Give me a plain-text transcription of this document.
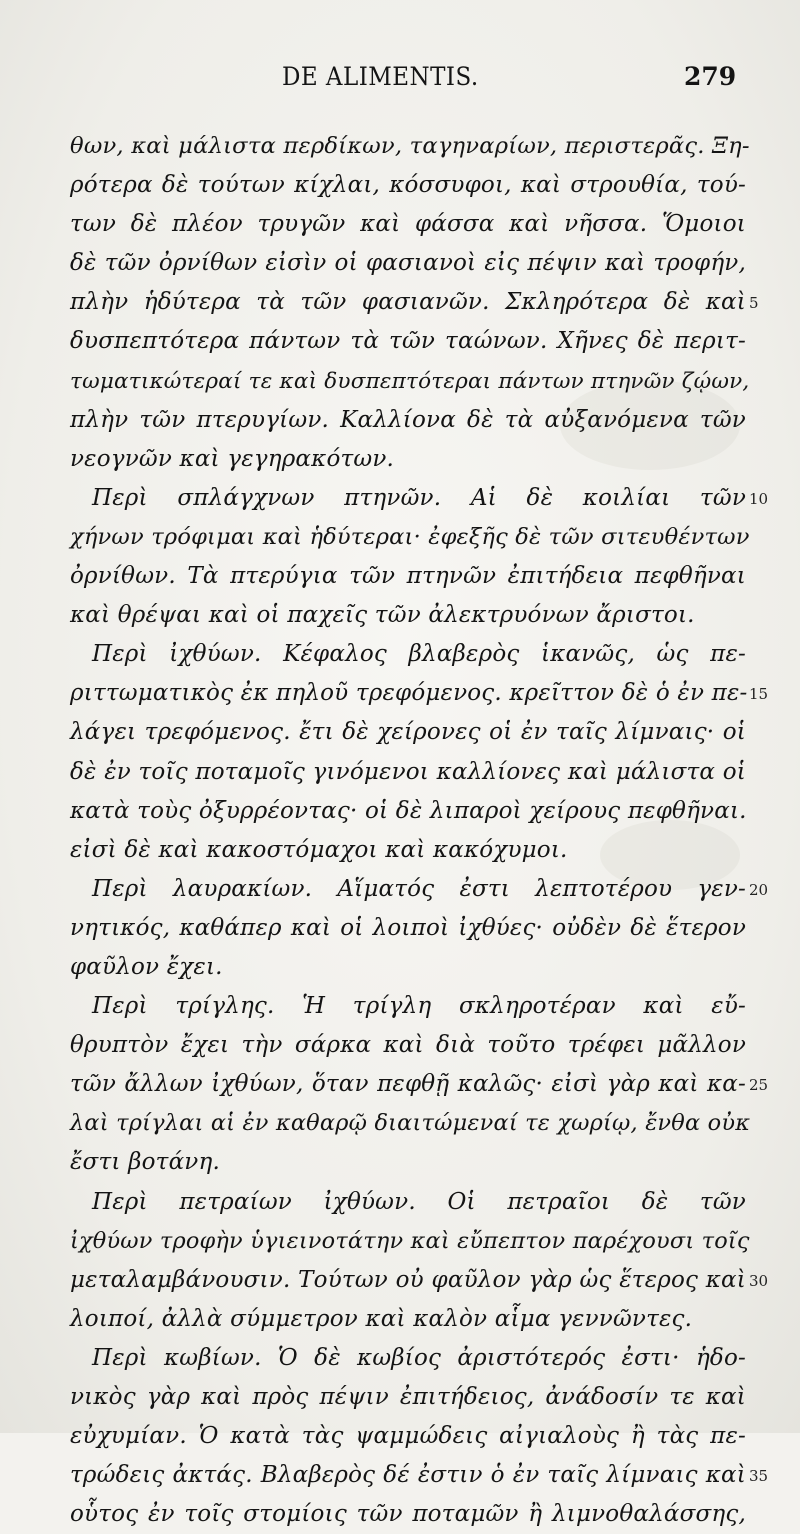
DE ALIMENTIS.	279
θων, καὶ μάλιστα περδίκων, ταγηναρίων, περιστερᾶς. Ξη-
ρότερα δὲ τούτων κίχλαι, κόσσυφοι, καὶ στρουθία, τού-
των δὲ πλέον τρυγῶν καὶ φάσσα καὶ νῆσσα. Ὅμοιοι
δὲ τῶν ὀρνίθων εἰσὶν οἱ φασιανοὶ εἰς πέψιν καὶ τροφήν,
πλὴν ἡδύτερα τὰ τῶν φασιανῶν. Σκληρότερα δὲ καὶ
δυσπεπτότερα πάντων τὰ τῶν ταώνων. Χῆνες δὲ περιτ-
τωματικώτεραί τε καὶ δυσπεπτότεραι πάντων πτηνῶν ζῴων,
πλὴν τῶν πτερυγίων. Καλλίονα δὲ τὰ αὐξανόμενα τῶν
νεογνῶν καὶ γεγηρακότων.
Περὶ σπλάγχνων πτηνῶν. Αἱ δὲ κοιλίαι τῶν
χήνων τρόφιμαι καὶ ἡδύτεραι· ἐφεξῆς δὲ τῶν σιτευθέντων
ὀρνίθων. Τὰ πτερύγια τῶν πτηνῶν ἐπιτήδεια πεφθῆναι
καὶ θρέψαι καὶ οἱ παχεῖς τῶν ἀλεκτρυόνων ἄριστοι.
Περὶ ἰχθύων. Κέφαλος βλαβερὸς ἱκανῶς, ὡς πε-
ριττωματικὸς ἐκ πηλοῦ τρεφόμενος. κρεῖττον δὲ ὁ ἐν πε-
λάγει τρεφόμενος. ἔτι δὲ χείρονες οἱ ἐν ταῖς λίμναις· οἱ
δὲ ἐν τοῖς ποταμοῖς γινόμενοι καλλίονες καὶ μάλιστα οἱ
κατὰ τοὺς ὀξυρρέοντας· οἱ δὲ λιπαροὶ χείρους πεφθῆναι.
εἰσὶ δὲ καὶ κακοστόμαχοι καὶ κακόχυμοι.
Περὶ λαυρακίων. Αἵματός ἐστι λεπτοτέρου γεν-
νητικός, καθάπερ καὶ οἱ λοιποὶ ἰχθύες· οὐδὲν δὲ ἕτερον
φαῦλον ἔχει.
Περὶ τρίγλης. Ἡ τρίγλη σκληροτέραν καὶ εὔ-
θρυπτὸν ἔχει τὴν σάρκα καὶ διὰ τοῦτο τρέφει μᾶλλον
τῶν ἄλλων ἰχθύων, ὅταν πεφθῇ καλῶς· εἰσὶ γὰρ καὶ κα-
λαὶ τρίγλαι αἱ ἐν καθαρῷ διαιτώμεναί τε χωρίῳ, ἔνθα οὐκ
ἔστι βοτάνη.
Περὶ πετραίων ἰχθύων. Οἱ πετραῖοι δὲ τῶν
ἰχθύων τροφὴν ὑγιεινοτάτην καὶ εὔπεπτον παρέχουσι τοῖς
μεταλαμβάνουσιν. Τούτων οὐ φαῦλον γὰρ ὡς ἕτερος καὶ
λοιποί, ἀλλὰ σύμμετρον καὶ καλὸν αἷμα γεννῶντες.
Περὶ κωβίων. Ὁ δὲ κωβίος ἀριστότερός ἐστι· ἡδο-
νικὸς γὰρ καὶ πρὸς πέψιν ἐπιτήδειος, ἀνάδοσίν τε καὶ
εὐχυμίαν. Ὁ κατὰ τὰς ψαμμώδεις αἰγιαλοὺς ἢ τὰς πε-
τρώδεις ἀκτάς. Βλαβερὸς δέ ἐστιν ὁ ἐν ταῖς λίμναις καὶ
οὗτος ἐν τοῖς στομίοις τῶν ποταμῶν ἢ λιμνοθαλάσσης,
5
10
15
20
25
30
35
